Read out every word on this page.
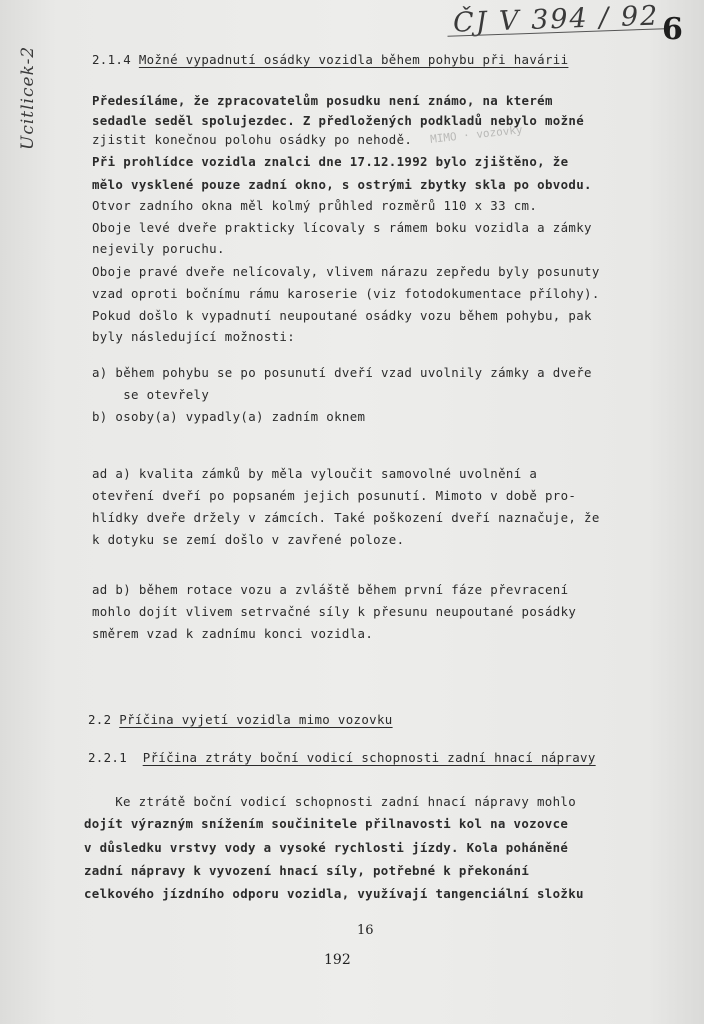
ČJ V 394 / 92 6
Ucitlicek-2	MIMO · vozovky
2.1.4 Možné vypadnutí osádky vozidla během pohybu při havárii
Předesíláme, že zpracovatelům posudku není známo, na kterém
sedadle seděl spolujezdec. Z předložených podkladů nebylo možné
zjistit konečnou polohu osádky po nehodě.
Při prohlídce vozidla znalci dne 17.12.1992 bylo zjištěno, že
mělo vysklené pouze zadní okno, s ostrými zbytky skla po obvodu.
Otvor zadního okna měl kolmý průhled rozměrů 110 x 33 cm.
Oboje levé dveře prakticky lícovaly s rámem boku vozidla a zámky
nejevily poruchu.
Oboje pravé dveře nelícovaly, vlivem nárazu zepředu byly posunuty
vzad oproti bočnímu rámu karoserie (viz fotodokumentace přílohy).
Pokud došlo k vypadnutí neupoutané osádky vozu během pohybu, pak
byly následující možnosti:
a) během pohybu se po posunutí dveří vzad uvolnily zámky a dveře
se otevřely
b) osoby(a) vypadly(a) zadním oknem
ad a) kvalita zámků by měla vyloučit samovolné uvolnění a
otevření dveří po popsaném jejich posunutí. Mimoto v době pro-
hlídky dveře držely v zámcích. Také poškození dveří naznačuje, že
k dotyku se zemí došlo v zavřené poloze.
ad b) během rotace vozu a zvláště během první fáze převracení
mohlo dojít vlivem setrvačné síly k přesunu neupoutané posádky
směrem vzad k zadnímu konci vozidla.
2.2 Příčina vyjetí vozidla mimo vozovku
2.2.1 Příčina ztráty boční vodicí schopnosti zadní hnací nápravy
Ke ztrátě boční vodicí schopnosti zadní hnací nápravy mohlo
dojít výrazným snížením součinitele přilnavosti kol na vozovce
v důsledku vrstvy vody a vysoké rychlosti jízdy. Kola poháněné
zadní nápravy k vyvození hnací síly, potřebné k překonání
celkového jízdního odporu vozidla, využívají tangenciální složku
16
192
